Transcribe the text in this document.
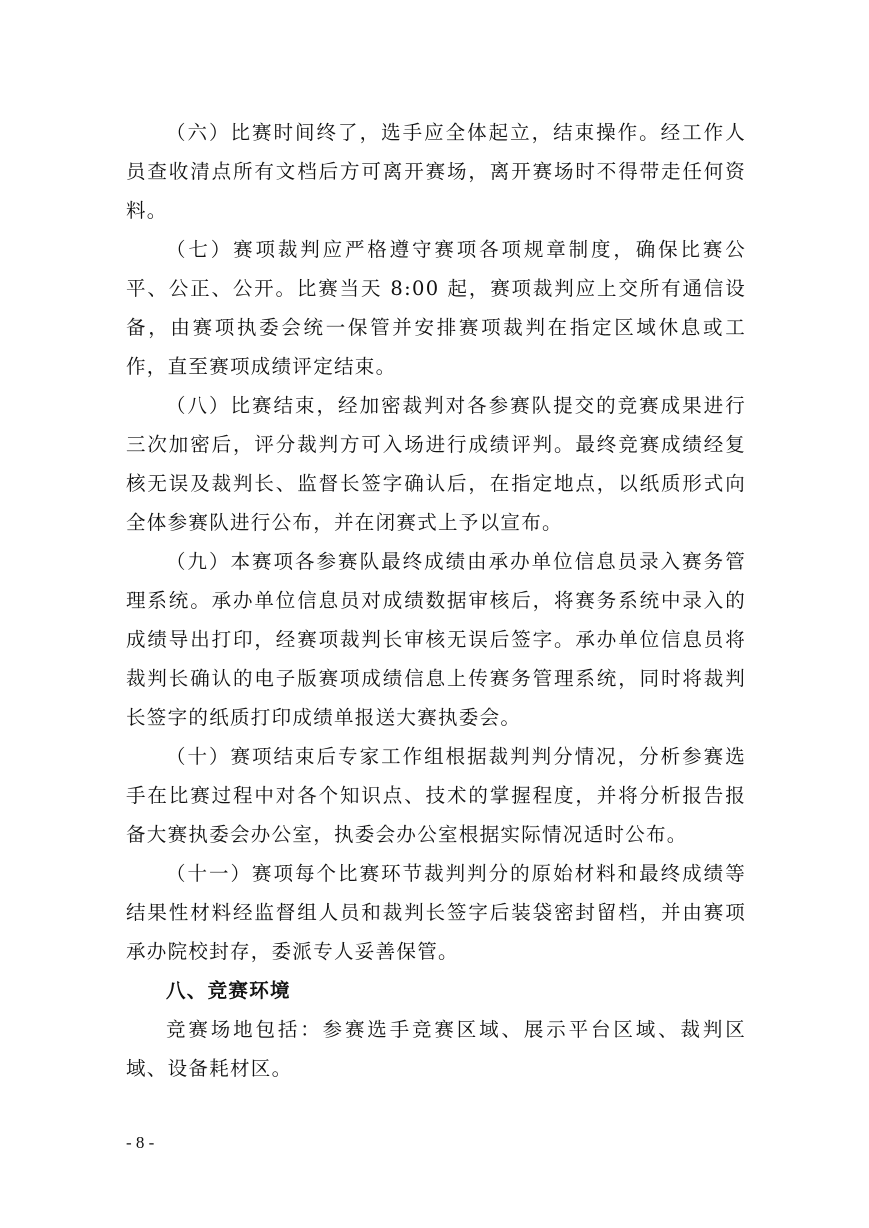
（六）比赛时间终了，选手应全体起立，结束操作。经工作人员查收清点所有文档后方可离开赛场，离开赛场时不得带走任何资料。

（七）赛项裁判应严格遵守赛项各项规章制度，确保比赛公平、公正、公开。比赛当天 8:00 起，赛项裁判应上交所有通信设备，由赛项执委会统一保管并安排赛项裁判在指定区域休息或工作，直至赛项成绩评定结束。

（八）比赛结束，经加密裁判对各参赛队提交的竞赛成果进行三次加密后，评分裁判方可入场进行成绩评判。最终竞赛成绩经复核无误及裁判长、监督长签字确认后，在指定地点，以纸质形式向全体参赛队进行公布，并在闭赛式上予以宣布。

（九）本赛项各参赛队最终成绩由承办单位信息员录入赛务管理系统。承办单位信息员对成绩数据审核后，将赛务系统中录入的成绩导出打印，经赛项裁判长审核无误后签字。承办单位信息员将裁判长确认的电子版赛项成绩信息上传赛务管理系统，同时将裁判长签字的纸质打印成绩单报送大赛执委会。

（十）赛项结束后专家工作组根据裁判判分情况，分析参赛选手在比赛过程中对各个知识点、技术的掌握程度，并将分析报告报备大赛执委会办公室，执委会办公室根据实际情况适时公布。

（十一）赛项每个比赛环节裁判判分的原始材料和最终成绩等结果性材料经监督组人员和裁判长签字后装袋密封留档，并由赛项承办院校封存，委派专人妥善保管。

八、竞赛环境

竞赛场地包括：参赛选手竞赛区域、展示平台区域、裁判区域、设备耗材区。

- 8 -
